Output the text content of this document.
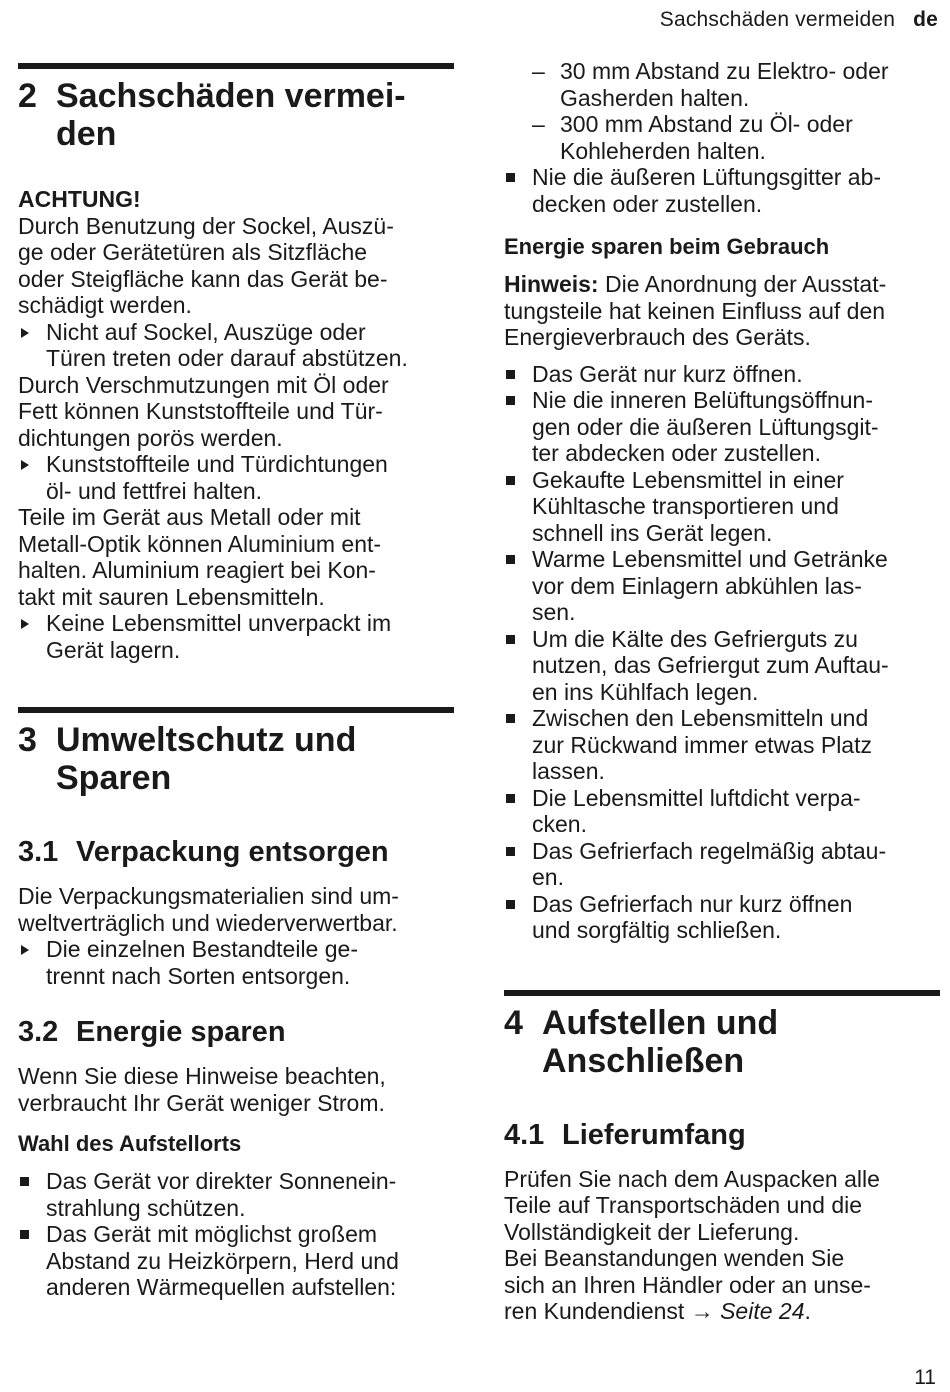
Sachschäden vermeiden de
2 Sachschäden vermei-
den

ACHTUNG!

Durch Benutzung der Sockel, Auszü-
ge oder Gerätetüren als Sitzfläche
oder Steigfläche kann das Gerät be-
schädigt werden.

Nicht auf Sockel, Auszüge oder
Türen treten oder darauf abstützen.

Durch Verschmutzungen mit Öl oder
Fett können Kunststoffteile und Tür-
dichtungen porös werden.

Kunststoffteile und Türdichtungen
öl- und fettfrei halten.

Teile im Gerät aus Metall oder mit
Metall-Optik können Aluminium ent-
halten. Aluminium reagiert bei Kon-
takt mit sauren Lebensmitteln.

Keine Lebensmittel unverpackt im
Gerät lagern.
3 Umweltschutz und
Sparen
3.1 Verpackung entsorgen

Die Verpackungsmaterialien sind um-
weltverträglich und wiederverwertbar.

Die einzelnen Bestandteile ge-
trennt nach Sorten entsorgen.
3.2 Energie sparen

Wenn Sie diese Hinweise beachten,
verbraucht Ihr Gerät weniger Strom.

Wahl des Aufstellorts
Das Gerät vor direkter Sonnenein-
strahlung schützen.
Das Gerät mit möglichst großem
Abstand zu Heizkörpern, Herd und
anderen Wärmequellen aufstellen:
– 30 mm Abstand zu Elektro- oder
Gasherden halten.
– 300 mm Abstand zu Öl- oder
Kohleherden halten.
Nie die äußeren Lüftungsgitter ab-
decken oder zustellen.
Energie sparen beim Gebrauch

Hinweis: Die Anordnung der Ausstat-
tungsteile hat keinen Einfluss auf den
Energieverbrauch des Geräts.

Das Gerät nur kurz öffnen.
Nie die inneren Belüftungsöffnun-
gen oder die äußeren Lüftungsgit-
ter abdecken oder zustellen.
Gekaufte Lebensmittel in einer
Kühltasche transportieren und
schnell ins Gerät legen.
Warme Lebensmittel und Getränke
vor dem Einlagern abkühlen las-
sen.
Um die Kälte des Gefrierguts zu
nutzen, das Gefriergut zum Auftau-
en ins Kühlfach legen.
Zwischen den Lebensmitteln und
zur Rückwand immer etwas Platz
lassen.
Die Lebensmittel luftdicht verpa-
cken.
Das Gefrierfach regelmäßig abtau-
en.
Das Gefrierfach nur kurz öffnen
und sorgfältig schließen.
4 Aufstellen und
Anschließen
4.1 Lieferumfang

Prüfen Sie nach dem Auspacken alle
Teile auf Transportschäden und die
Vollständigkeit der Lieferung.
Bei Beanstandungen wenden Sie
sich an Ihren Händler oder an unse-
ren Kundendienst → Seite 24.

11
